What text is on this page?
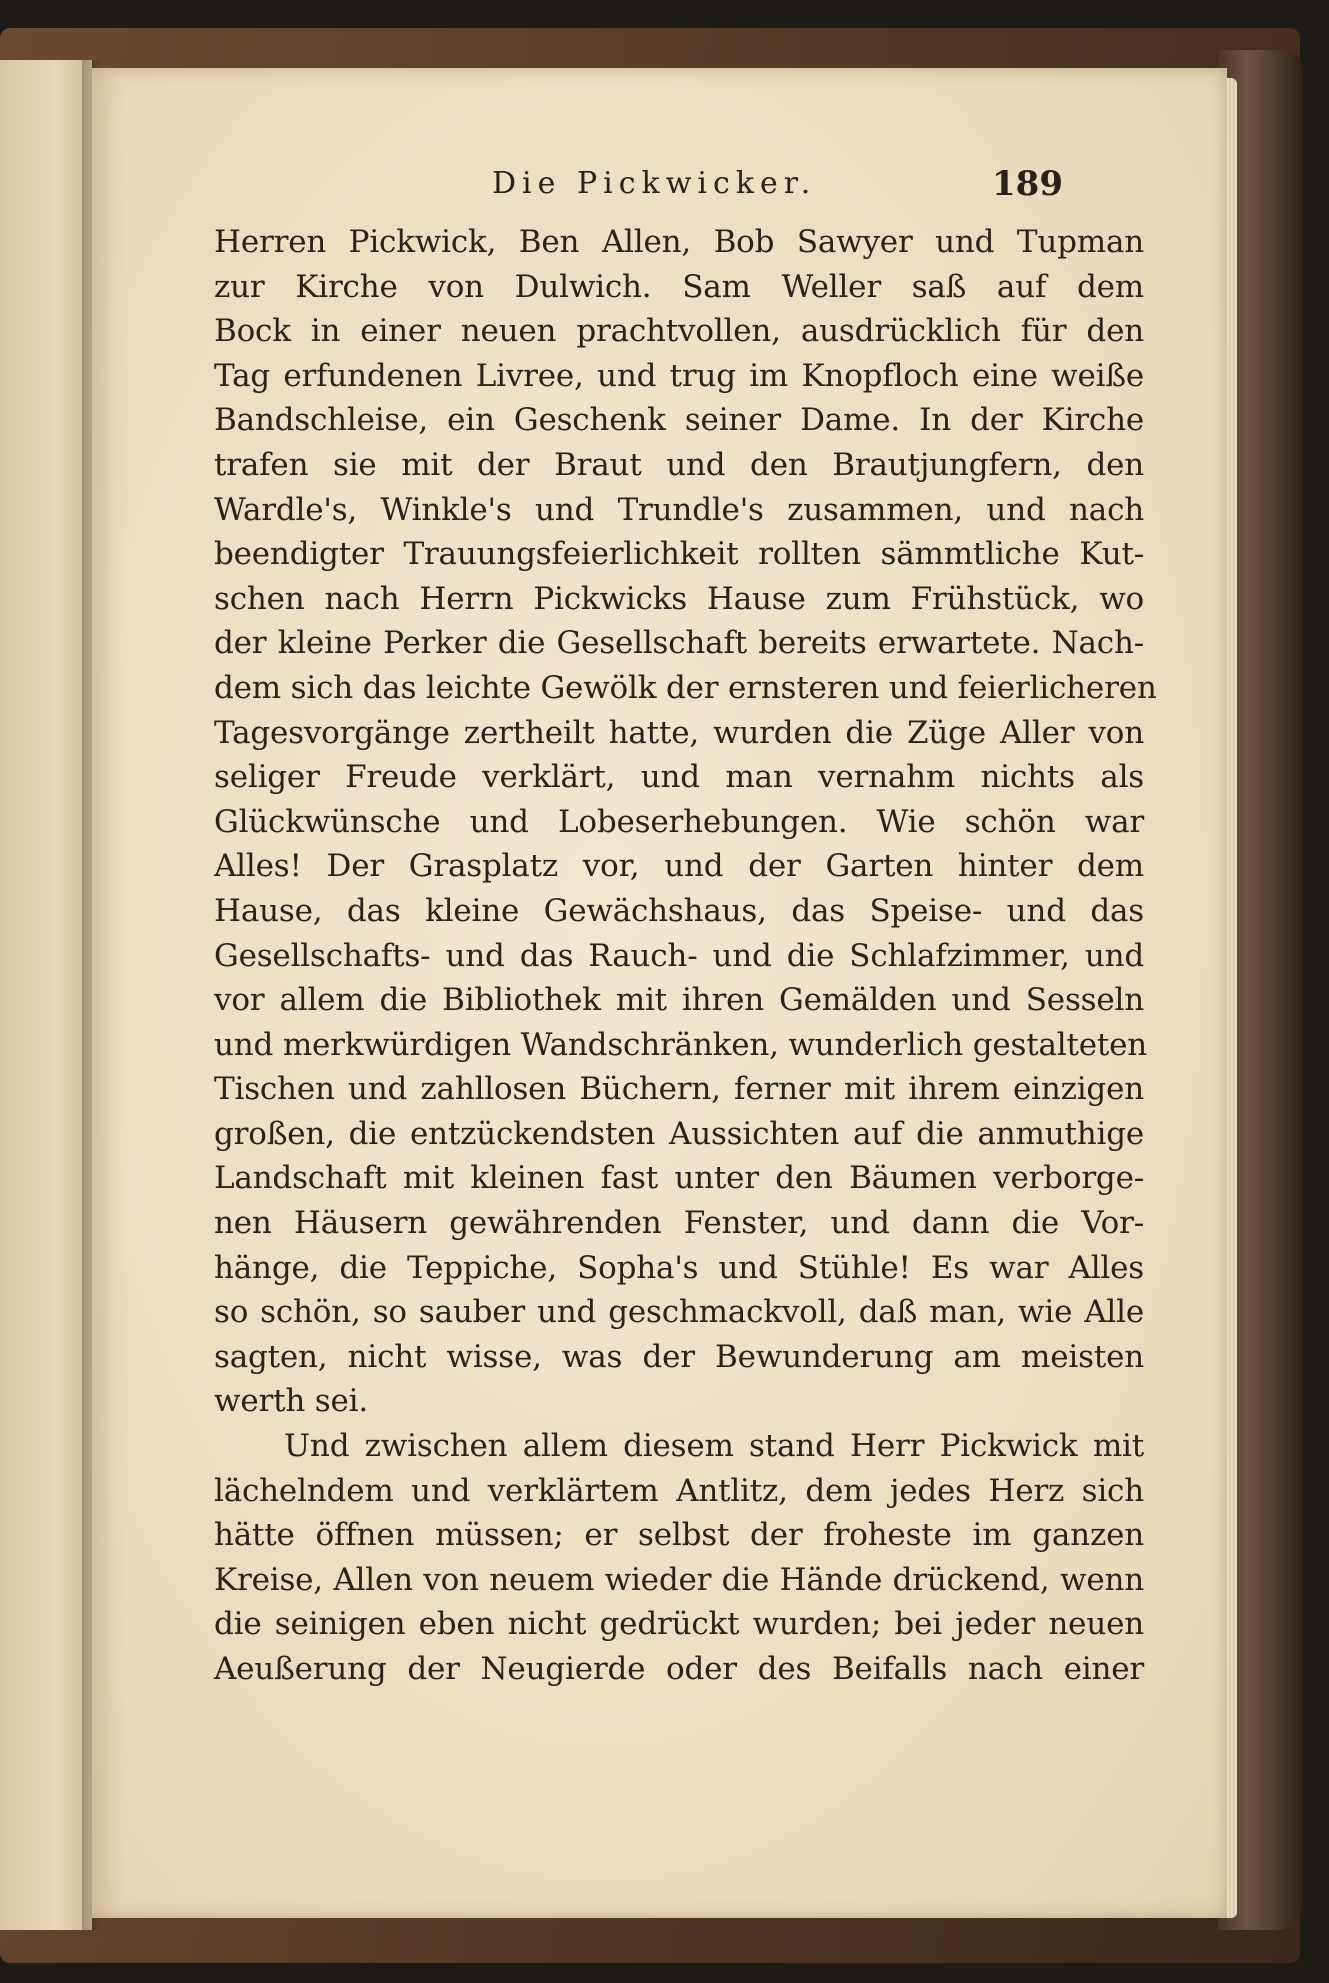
Die Pickwicker.	189
Herren Pickwick, Ben Allen, Bob Sawyer und Tupman
zur Kirche von Dulwich. Sam Weller saß auf dem
Bock in einer neuen prachtvollen, ausdrücklich für den
Tag erfundenen Livree, und trug im Knopfloch eine weiße
Bandschleise, ein Geschenk seiner Dame. In der Kirche
trafen sie mit der Braut und den Brautjungfern, den
Wardle's, Winkle's und Trundle's zusammen, und nach
beendigter Trauungsfeierlichkeit rollten sämmtliche Kut-
schen nach Herrn Pickwicks Hause zum Frühstück, wo
der kleine Perker die Gesellschaft bereits erwartete. Nach-
dem sich das leichte Gewölk der ernsteren und feierlicheren
Tagesvorgänge zertheilt hatte, wurden die Züge Aller von
seliger Freude verklärt, und man vernahm nichts als
Glückwünsche und Lobeserhebungen. Wie schön war
Alles! Der Grasplatz vor, und der Garten hinter dem
Hause, das kleine Gewächshaus, das Speise- und das
Gesellschafts- und das Rauch- und die Schlafzimmer, und
vor allem die Bibliothek mit ihren Gemälden und Sesseln
und merkwürdigen Wandschränken, wunderlich gestalteten
Tischen und zahllosen Büchern, ferner mit ihrem einzigen
großen, die entzückendsten Aussichten auf die anmuthige
Landschaft mit kleinen fast unter den Bäumen verborge-
nen Häusern gewährenden Fenster, und dann die Vor-
hänge, die Teppiche, Sopha's und Stühle! Es war Alles
so schön, so sauber und geschmackvoll, daß man, wie Alle
sagten, nicht wisse, was der Bewunderung am meisten
werth sei.
Und zwischen allem diesem stand Herr Pickwick mit
lächelndem und verklärtem Antlitz, dem jedes Herz sich
hätte öffnen müssen; er selbst der froheste im ganzen
Kreise, Allen von neuem wieder die Hände drückend, wenn
die seinigen eben nicht gedrückt wurden; bei jeder neuen
Aeußerung der Neugierde oder des Beifalls nach einer
